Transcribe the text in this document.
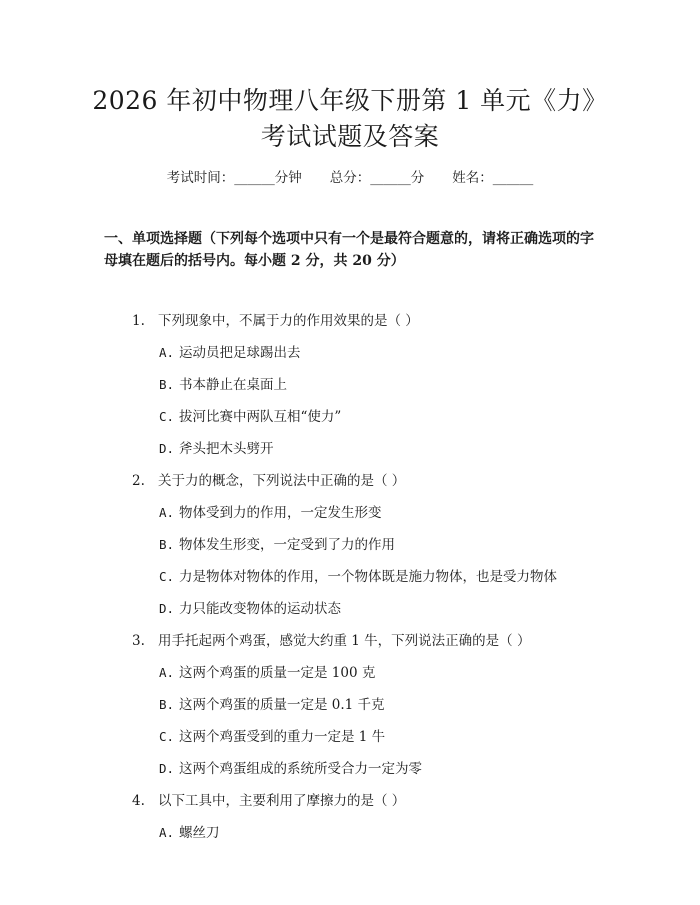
2026 年初中物理八年级下册第 1 单元《力》
考试试题及答案
考试时间：______分钟 总分：______分 姓名：______
一、单项选择题（下列每个选项中只有一个是最符合题意的，请将正确选项的字母填在题后的括号内。每小题 2 分，共 20 分）
1. 下列现象中，不属于力的作用效果的是（ ）
A. 运动员把足球踢出去
B. 书本静止在桌面上
C. 拔河比赛中两队互相“使力”
D. 斧头把木头劈开
2. 关于力的概念，下列说法中正确的是（ ）
A. 物体受到力的作用，一定发生形变
B. 物体发生形变，一定受到了力的作用
C. 力是物体对物体的作用，一个物体既是施力物体，也是受力物体
D. 力只能改变物体的运动状态
3. 用手托起两个鸡蛋，感觉大约重 1 牛，下列说法正确的是（ ）
A. 这两个鸡蛋的质量一定是 100 克
B. 这两个鸡蛋的质量一定是 0.1 千克
C. 这两个鸡蛋受到的重力一定是 1 牛
D. 这两个鸡蛋组成的系统所受合力一定为零
4. 以下工具中，主要利用了摩擦力的是（ ）
A. 螺丝刀
